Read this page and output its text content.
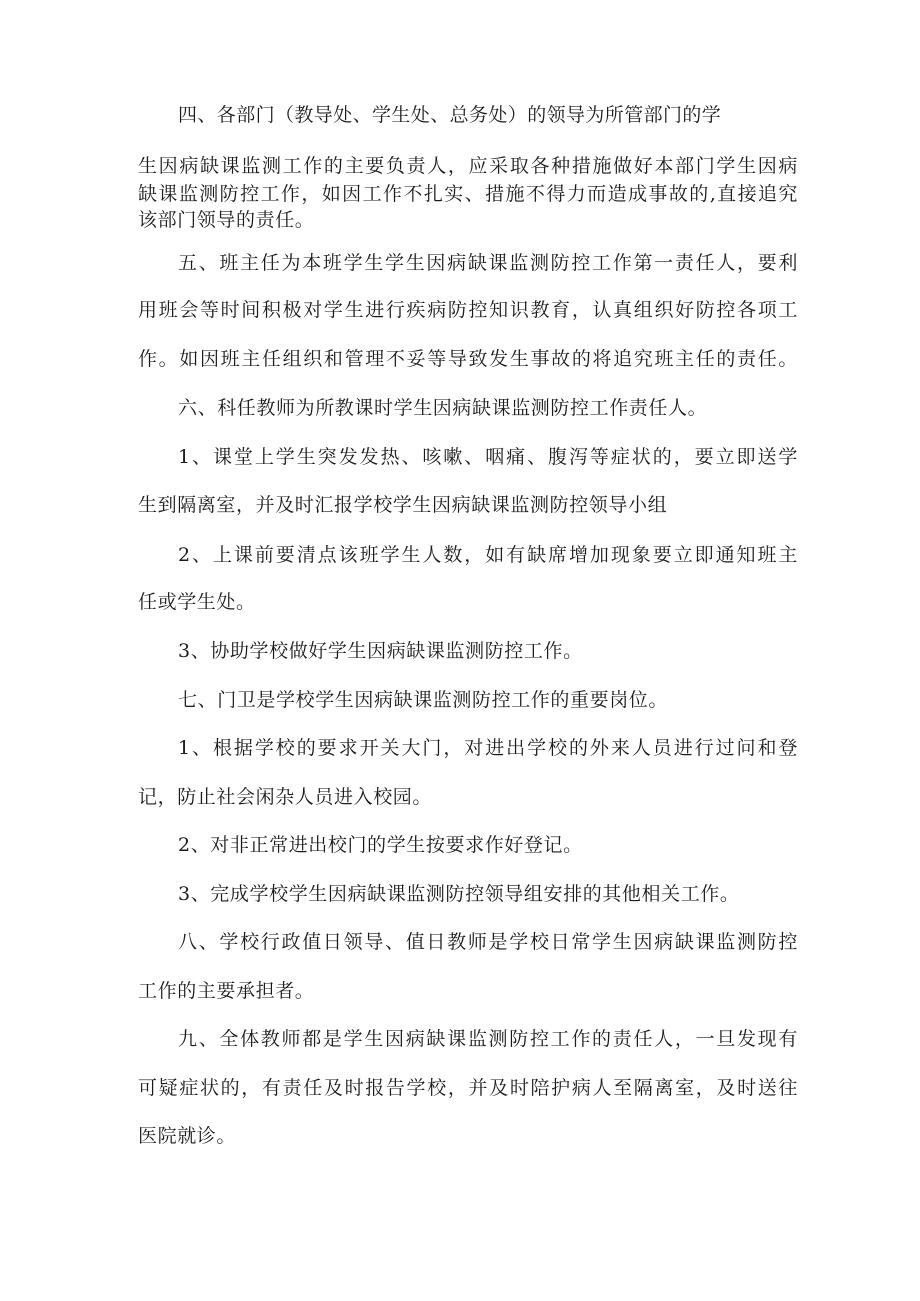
四、各部门（教导处、学生处、总务处）的领导为所管部门的学
生因病缺课监测工作的主要负责人，应采取各种措施做好本部门学生因病
缺课监测防控工作，如因工作不扎实、措施不得力而造成事故的,直接追究
该部门领导的责任。
五、班主任为本班学生学生因病缺课监测防控工作第一责任人，要利
用班会等时间积极对学生进行疾病防控知识教育，认真组织好防控各项工
作。如因班主任组织和管理不妥等导致发生事故的将追究班主任的责任。
六、科任教师为所教课时学生因病缺课监测防控工作责任人。
1、课堂上学生突发发热、咳嗽、咽痛、腹泻等症状的，要立即送学
生到隔离室，并及时汇报学校学生因病缺课监测防控领导小组
2、上课前要清点该班学生人数，如有缺席增加现象要立即通知班主
任或学生处。
3、协助学校做好学生因病缺课监测防控工作。
七、门卫是学校学生因病缺课监测防控工作的重要岗位。
1、根据学校的要求开关大门，对进出学校的外来人员进行过问和登
记，防止社会闲杂人员进入校园。
2、对非正常进出校门的学生按要求作好登记。
3、完成学校学生因病缺课监测防控领导组安排的其他相关工作。
八、学校行政值日领导、值日教师是学校日常学生因病缺课监测防控
工作的主要承担者。
九、全体教师都是学生因病缺课监测防控工作的责任人，一旦发现有
可疑症状的，有责任及时报告学校，并及时陪护病人至隔离室，及时送往
医院就诊。
